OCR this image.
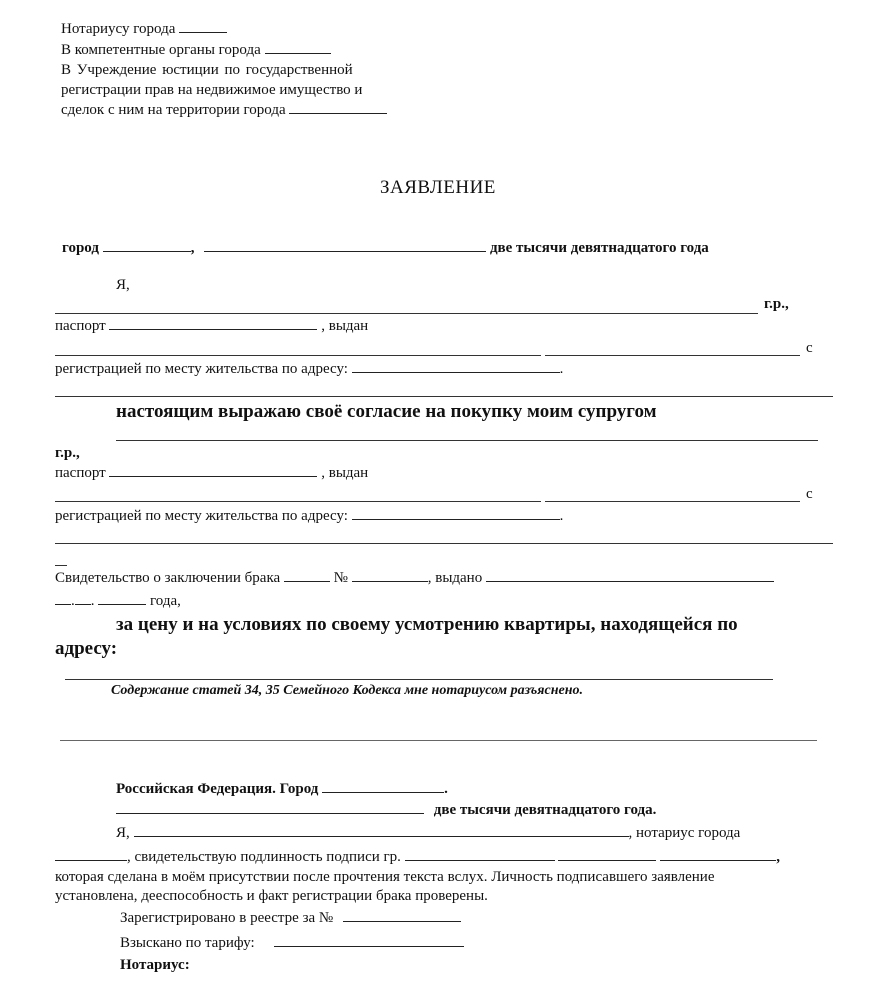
Нотариусу города
В компетентные органы города
В Учреждение юстиции по государственной
регистрации прав на недвижимое имущество и
сделок с ним на территории города
ЗАЯВЛЕНИЕ
город	,	две тысячи девятнадцатого года
Я,
г.р.,
паспорт	, выдан
с
регистрацией по месту жительства по адресу:	.
настоящим выражаю своё согласие на покупку моим супругом
г.р.,
паспорт	, выдан
с
регистрацией по месту жительства по адресу:	.
Свидетельство о заключении брака	№	, выдано
. .	года,
за цену и на условиях по своему усмотрению квартиры, находящейся по
адресу:
Содержание статей 34, 35 Семейного Кодекса мне нотариусом разъяснено.
Российская Федерация. Город	.
две тысячи девятнадцатого года.
Я,	, нотариус города
, свидетельствую подлинность подписи гр.	,
которая сделана в моём присутствии после прочтения текста вслух. Личность подписавшего заявление
установлена, дееспособность и факт регистрации брака проверены.
Зарегистрировано в реестре за №
Взыскано по тарифу:
Нотариус:
